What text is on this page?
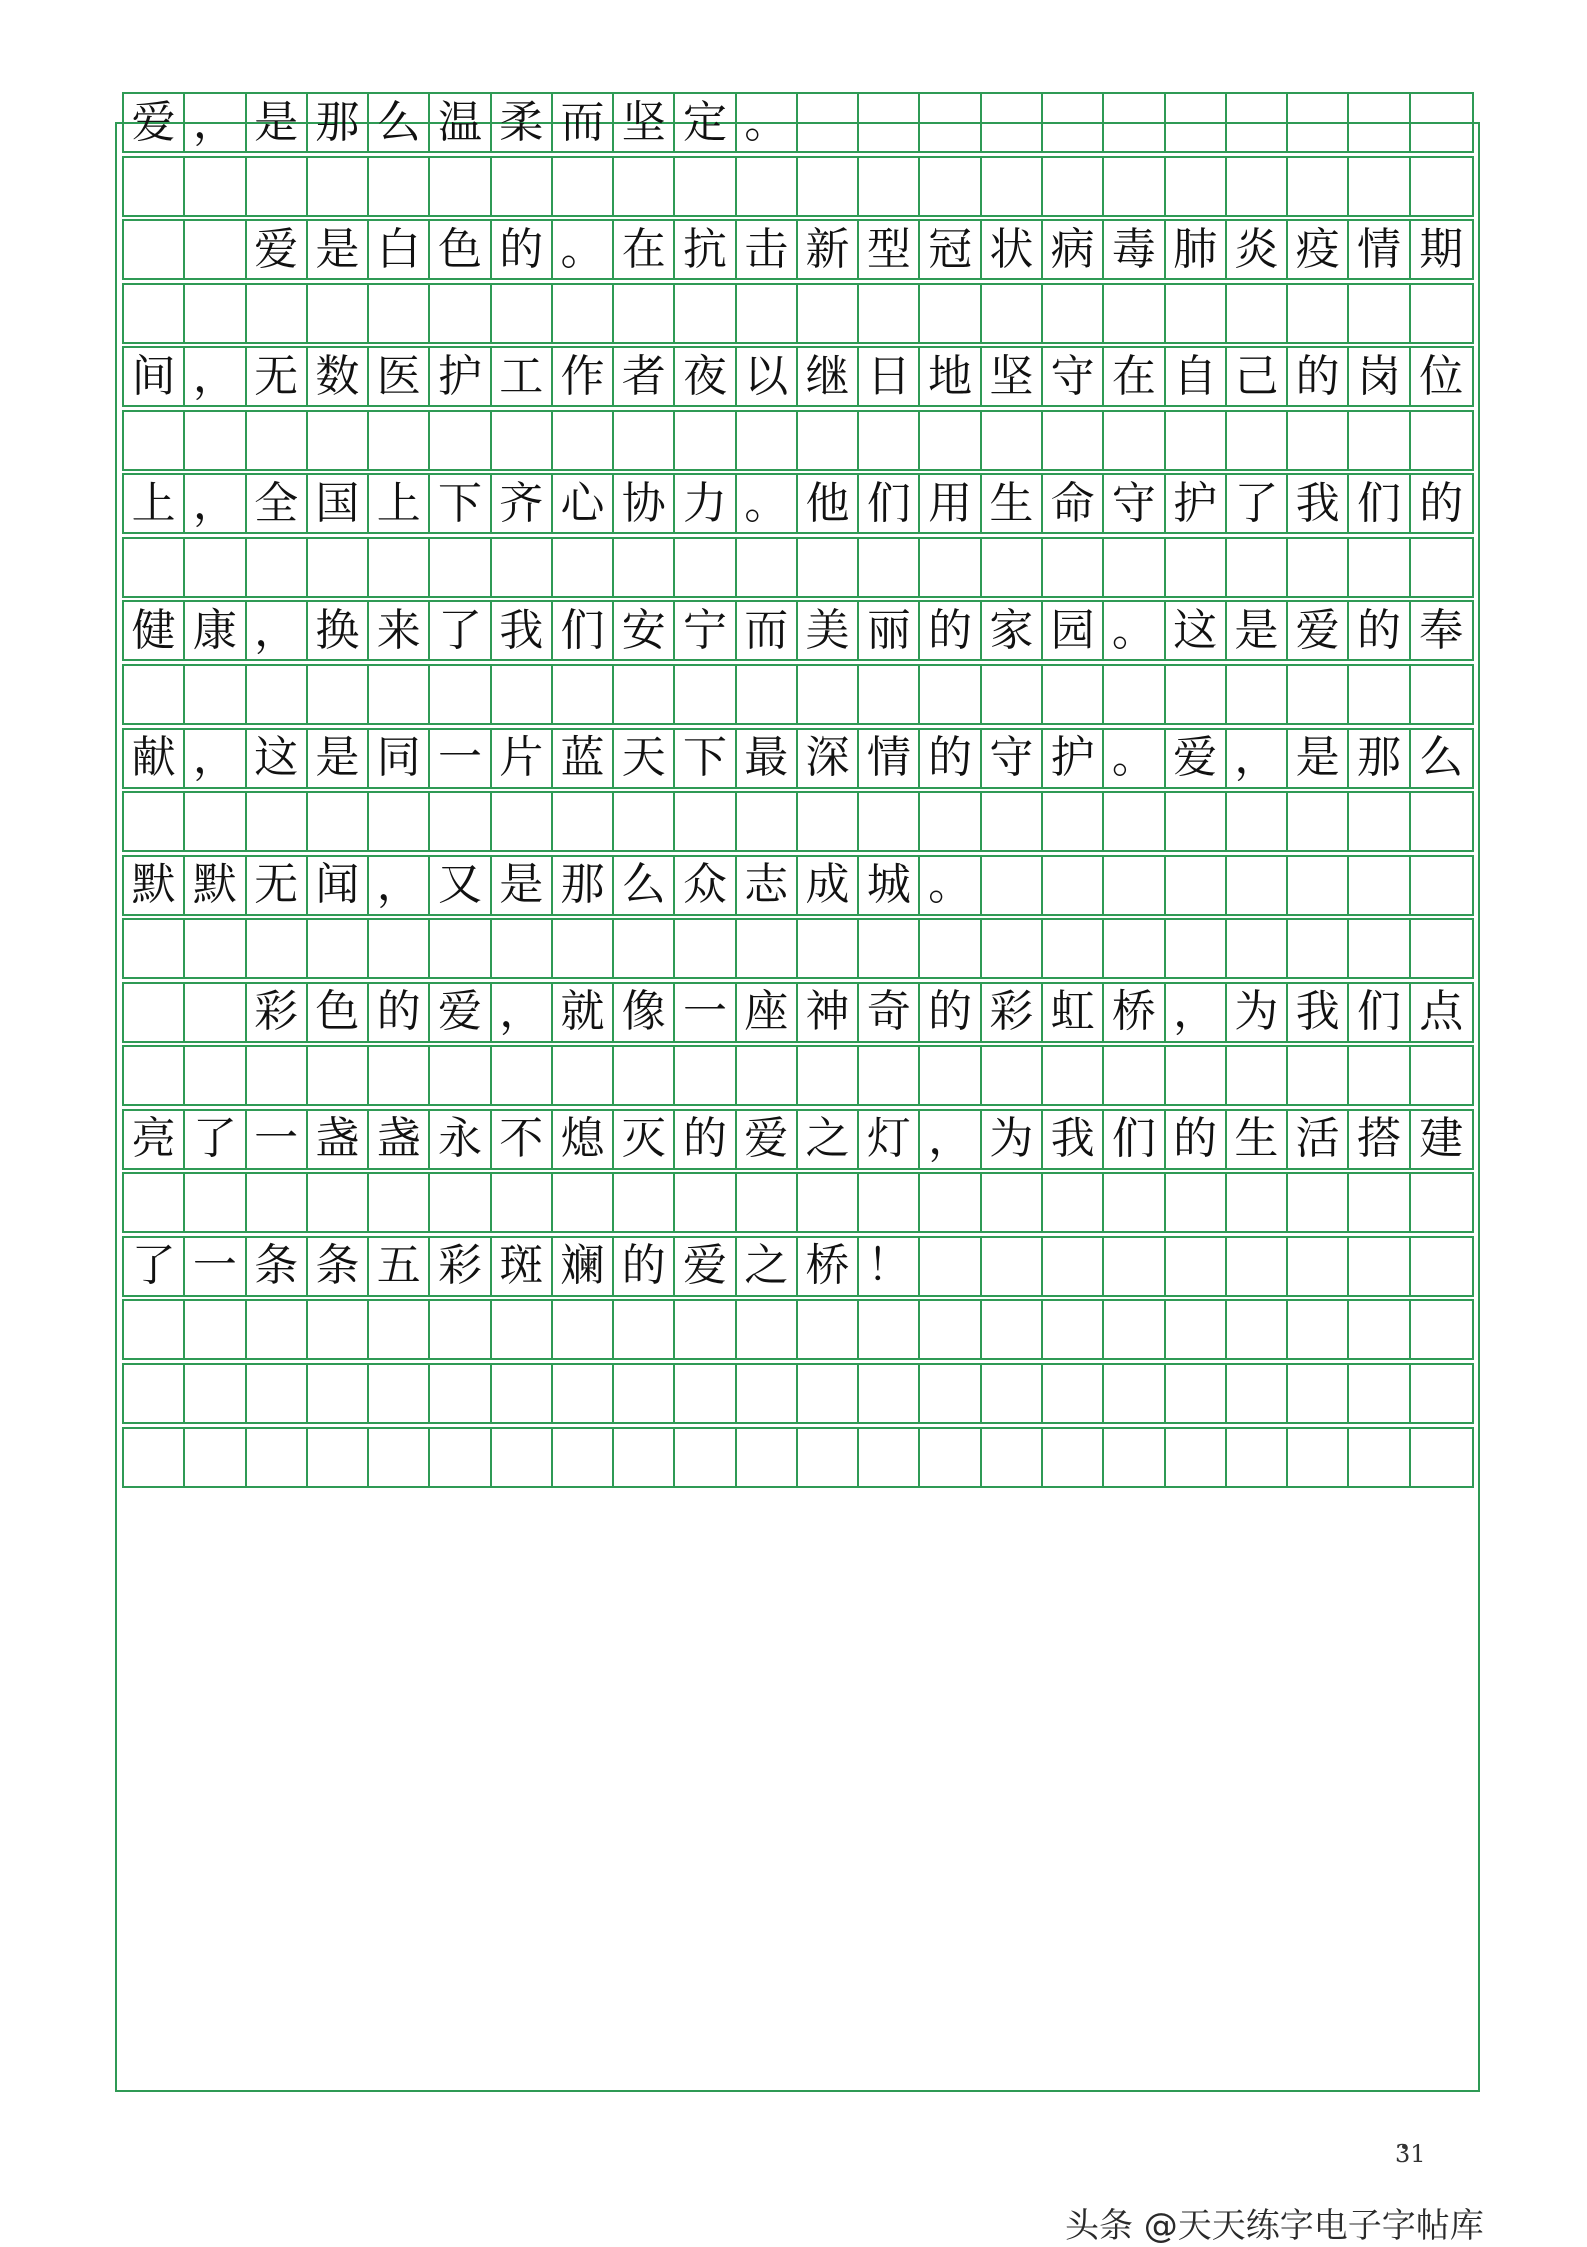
爱 ， 是 那 么 温 柔 而 坚 定 。
爱 是 白 色 的 。 在 抗 击 新 型 冠 状 病 毒 肺 炎 疫 情 期
间 ， 无 数 医 护 工 作 者 夜 以 继 日 地 坚 守 在 自 己 的 岗 位
上 ， 全 国 上 下 齐 心 协 力 。 他 们 用 生 命 守 护 了 我 们 的
健 康 ， 换 来 了 我 们 安 宁 而 美 丽 的 家 园 。 这 是 爱 的 奉
献 ， 这 是 同 一 片 蓝 天 下 最 深 情 的 守 护 。 爱 ， 是 那 么
默 默 无 闻 ， 又 是 那 么 众 志 成 城 。
彩 色 的 爱 ， 就 像 一 座 神 奇 的 彩 虹 桥 ， 为 我 们 点
亮 了 一 盏 盏 永 不 熄 灭 的 爱 之 灯 ， 为 我 们 的 生 活 搭 建
了 一 条 条 五 彩 斑 斓 的 爱 之 桥 ！
31
头条 @天天练字电子字帖库
